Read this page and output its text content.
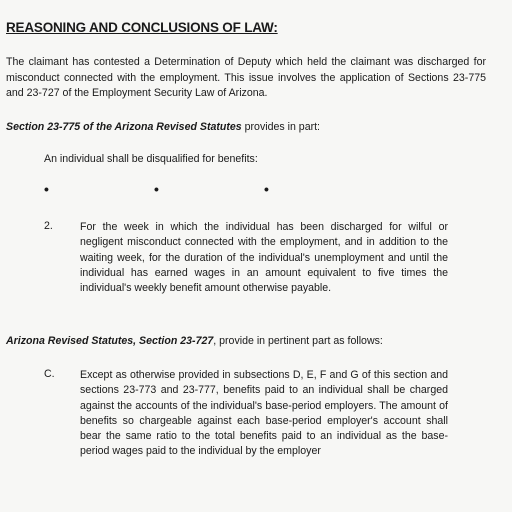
REASONING AND CONCLUSIONS OF LAW:
The claimant has contested a Determination of Deputy which held the claimant was discharged for misconduct connected with the employment. This issue involves the application of Sections 23-775 and 23-727 of the Employment Security Law of Arizona.
Section 23-775 of the Arizona Revised Statutes provides in part:
An individual shall be disqualified for benefits:
•	•	•
2.	For the week in which the individual has been discharged for wilful or negligent misconduct connected with the employment, and in addition to the waiting week, for the duration of the individual's unemployment and until the individual has earned wages in an amount equivalent to five times the individual's weekly benefit amount otherwise payable.
Arizona Revised Statutes, Section 23-727, provide in pertinent part as follows:
C. Except as otherwise provided in subsections D, E, F and G of this section and sections 23-773 and 23-777, benefits paid to an individual shall be charged against the accounts of the individual's base-period employers. The amount of benefits so chargeable against each base-period employer's account shall bear the same ratio to the total benefits paid to an individual as the base-period wages paid to the individual by the employer
